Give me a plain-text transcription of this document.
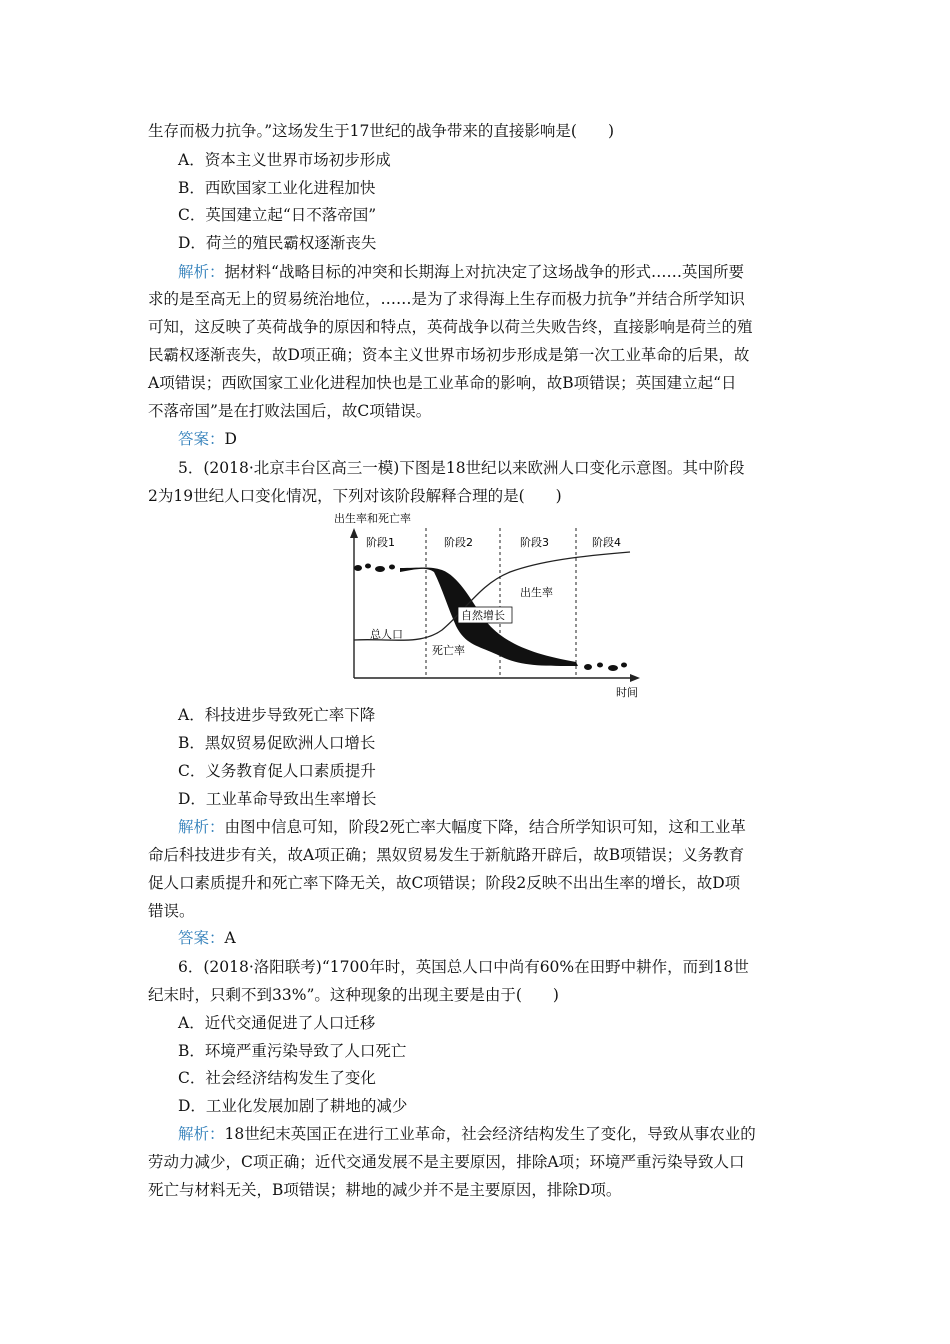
生存而极力抗争。”这场发生于17世纪的战争带来的直接影响是(　　)
A．资本主义世界市场初步形成
B．西欧国家工业化进程加快
C．英国建立起“日不落帝国”
D．荷兰的殖民霸权逐渐丧失
解析：据材料“战略目标的冲突和长期海上对抗决定了这场战争的形式……英国所要
求的是至高无上的贸易统治地位，……是为了求得海上生存而极力抗争”并结合所学知识
可知，这反映了英荷战争的原因和特点，英荷战争以荷兰失败告终，直接影响是荷兰的殖
民霸权逐渐丧失，故D项正确；资本主义世界市场初步形成是第一次工业革命的后果，故
A项错误；西欧国家工业化进程加快也是工业革命的影响，故B项错误；英国建立起“日
不落帝国”是在打败法国后，故C项错误。
答案：D
5．(2018·北京丰台区高三一模)下图是18世纪以来欧洲人口变化示意图。其中阶段
2为19世纪人口变化情况，下列对该阶段解释合理的是(　　)
出生率和死亡率
时间
阶段1	阶段2	阶段3	阶段4
出生率
总人口
死亡率
自然增长
A．科技进步导致死亡率下降
B．黑奴贸易促欧洲人口增长
C．义务教育促人口素质提升
D．工业革命导致出生率增长
解析：由图中信息可知，阶段2死亡率大幅度下降，结合所学知识可知，这和工业革
命后科技进步有关，故A项正确；黑奴贸易发生于新航路开辟后，故B项错误；义务教育
促人口素质提升和死亡率下降无关，故C项错误；阶段2反映不出出生率的增长，故D项
错误。
答案：A
6．(2018·洛阳联考)“1700年时，英国总人口中尚有60%在田野中耕作，而到18世
纪末时，只剩不到33%”。这种现象的出现主要是由于(　　)
A．近代交通促进了人口迁移
B．环境严重污染导致了人口死亡
C．社会经济结构发生了变化
D．工业化发展加剧了耕地的减少
解析：18世纪末英国正在进行工业革命，社会经济结构发生了变化，导致从事农业的
劳动力减少，C项正确；近代交通发展不是主要原因，排除A项；环境严重污染导致人口
死亡与材料无关，B项错误；耕地的减少并不是主要原因，排除D项。
